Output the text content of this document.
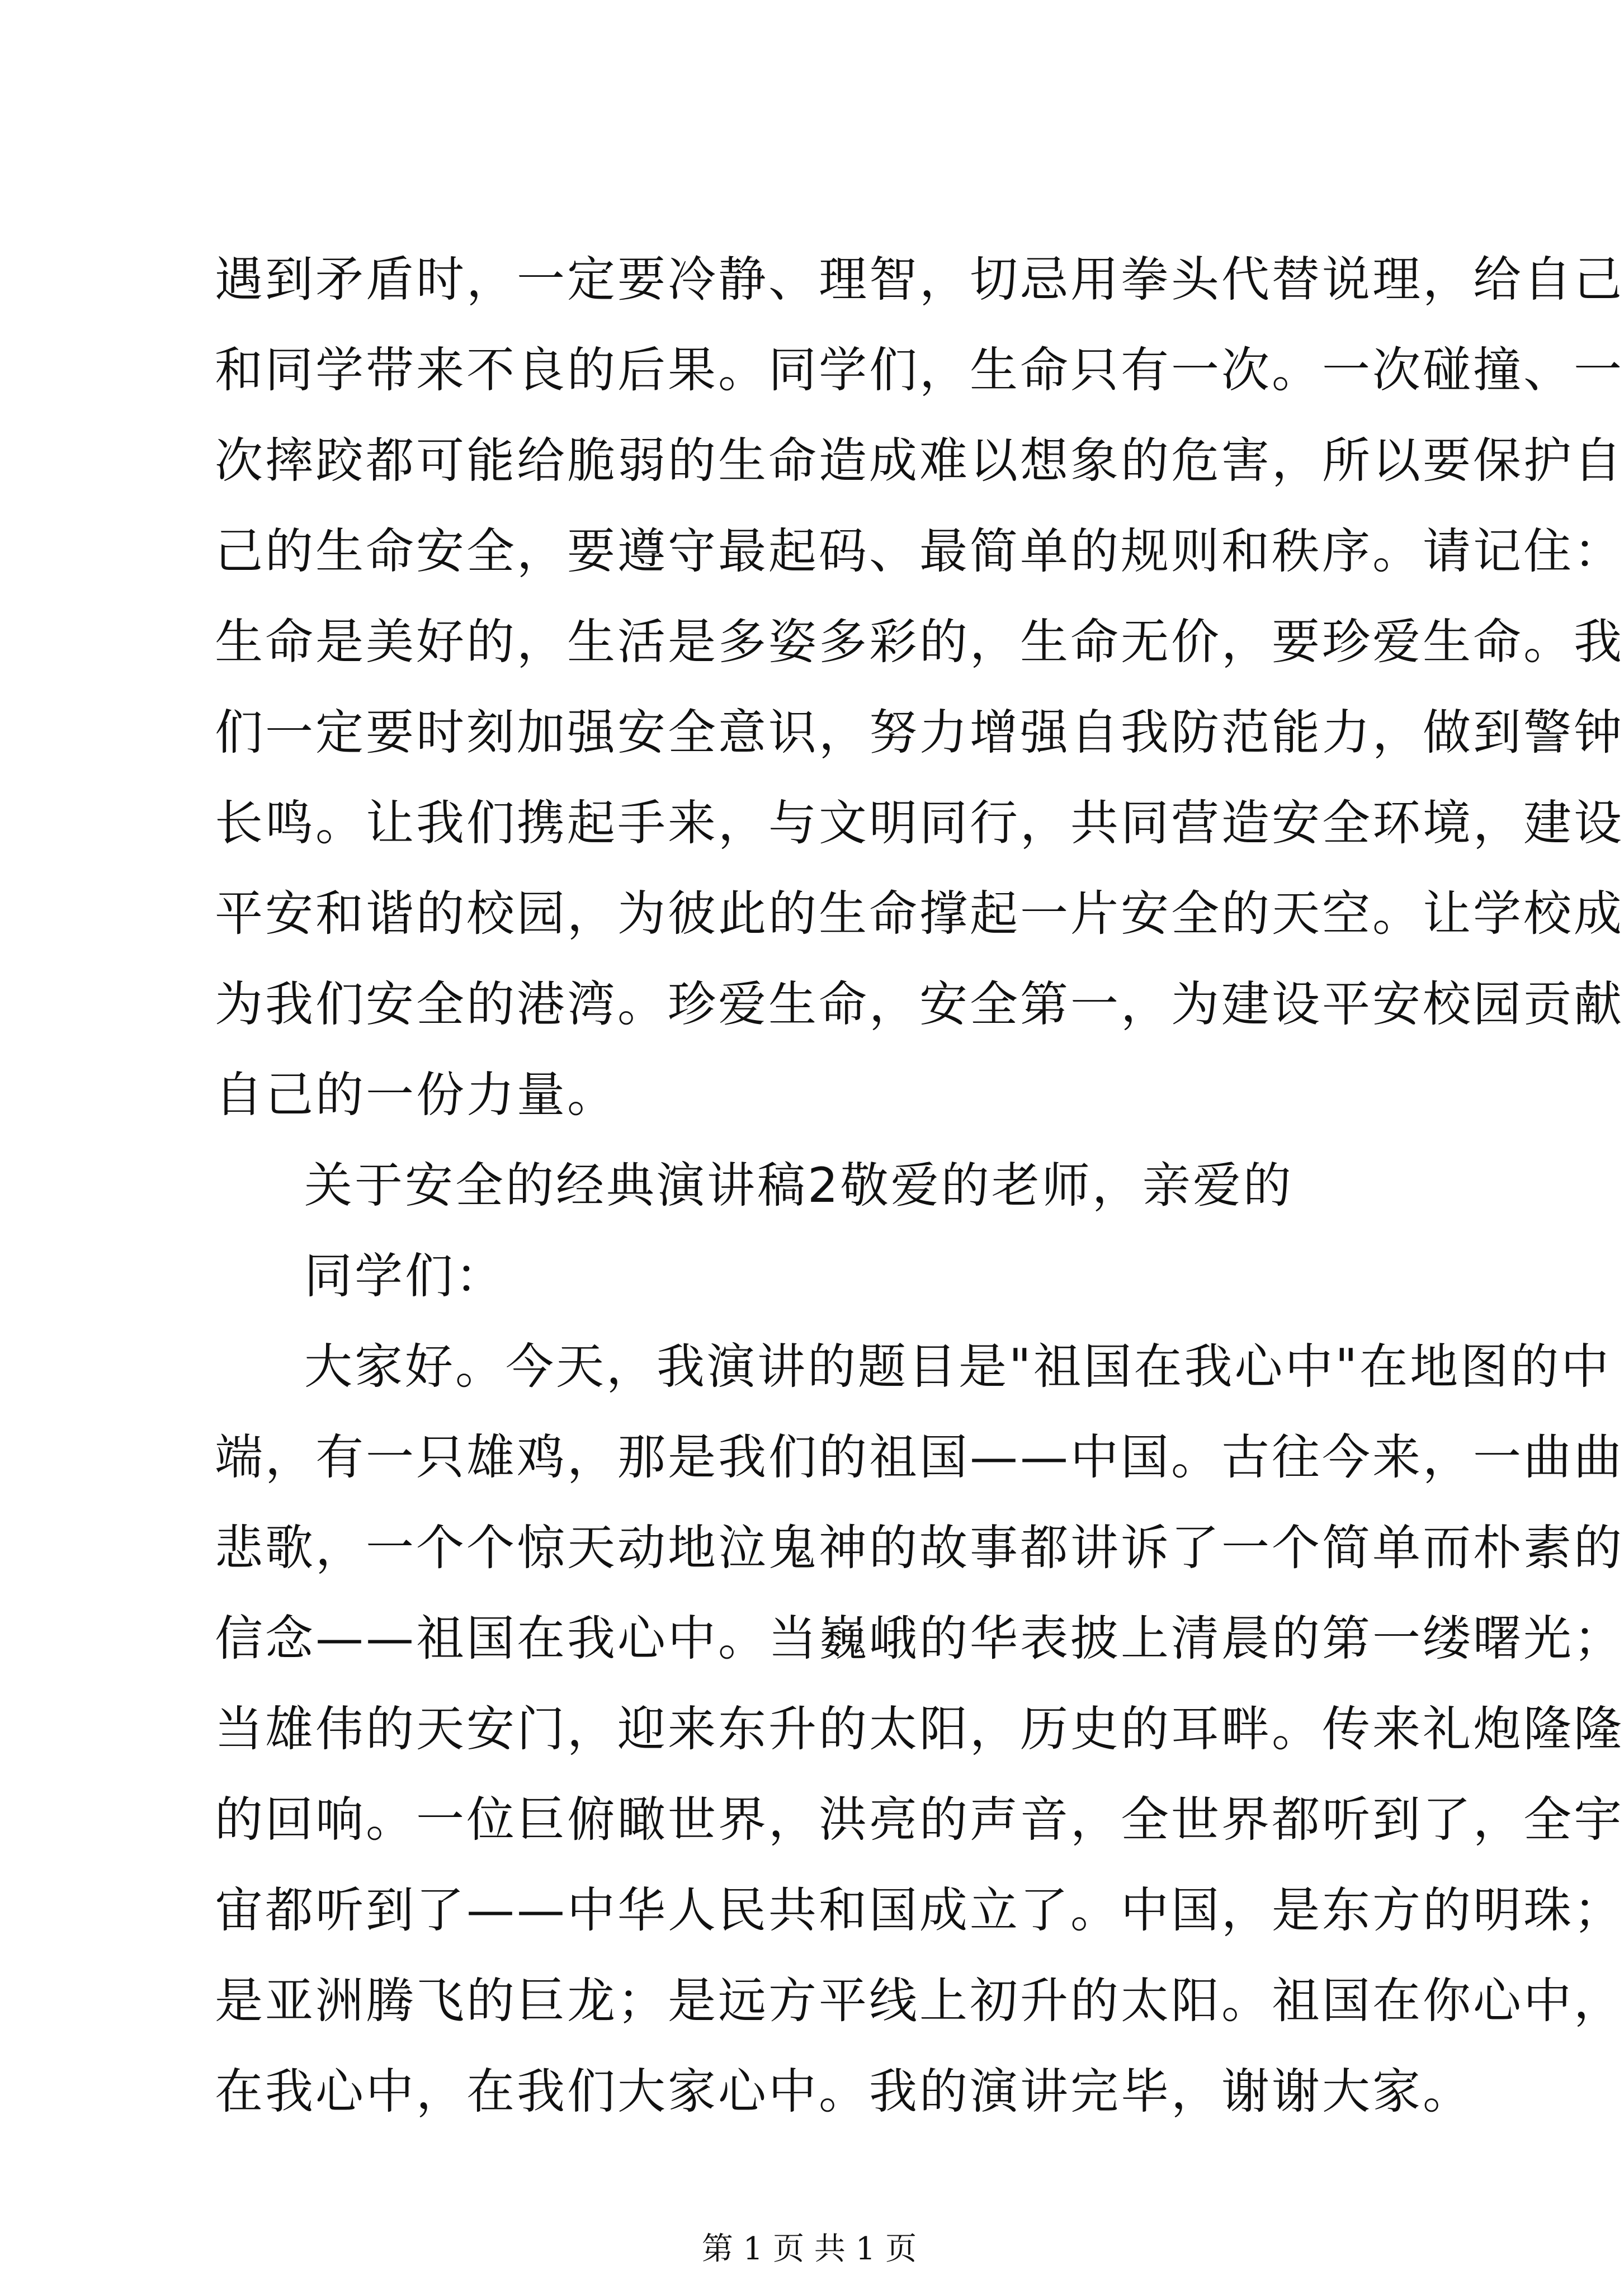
遇到矛盾时，一定要冷静、理智，切忌用拳头代替说理，给自己
和同学带来不良的后果。同学们，生命只有一次。一次碰撞、一
次摔跤都可能给脆弱的生命造成难以想象的危害，所以要保护自
己的生命安全，要遵守最起码、最简单的规则和秩序。请记住：
生命是美好的，生活是多姿多彩的，生命无价，要珍爱生命。我
们一定要时刻加强安全意识，努力增强自我防范能力，做到警钟
长鸣。让我们携起手来，与文明同行，共同营造安全环境，建设
平安和谐的校园，为彼此的生命撑起一片安全的天空。让学校成
为我们安全的港湾。珍爱生命，安全第一，为建设平安校园贡献
自己的一份力量。
关于安全的经典演讲稿2敬爱的老师，亲爱的
同学们：
大家好。今天，我演讲的题目是"祖国在我心中"在地图的中
端，有一只雄鸡，那是我们的祖国——中国。古往今来，一曲曲
悲歌，一个个惊天动地泣鬼神的故事都讲诉了一个简单而朴素的
信念——祖国在我心中。当巍峨的华表披上清晨的第一缕曙光；
当雄伟的天安门，迎来东升的太阳，历史的耳畔。传来礼炮隆隆
的回响。一位巨俯瞰世界，洪亮的声音，全世界都听到了，全宇
宙都听到了——中华人民共和国成立了。中国，是东方的明珠；
是亚洲腾飞的巨龙；是远方平线上初升的太阳。祖国在你心中，
在我心中，在我们大家心中。我的演讲完毕，谢谢大家。
第 1 页 共 1 页
